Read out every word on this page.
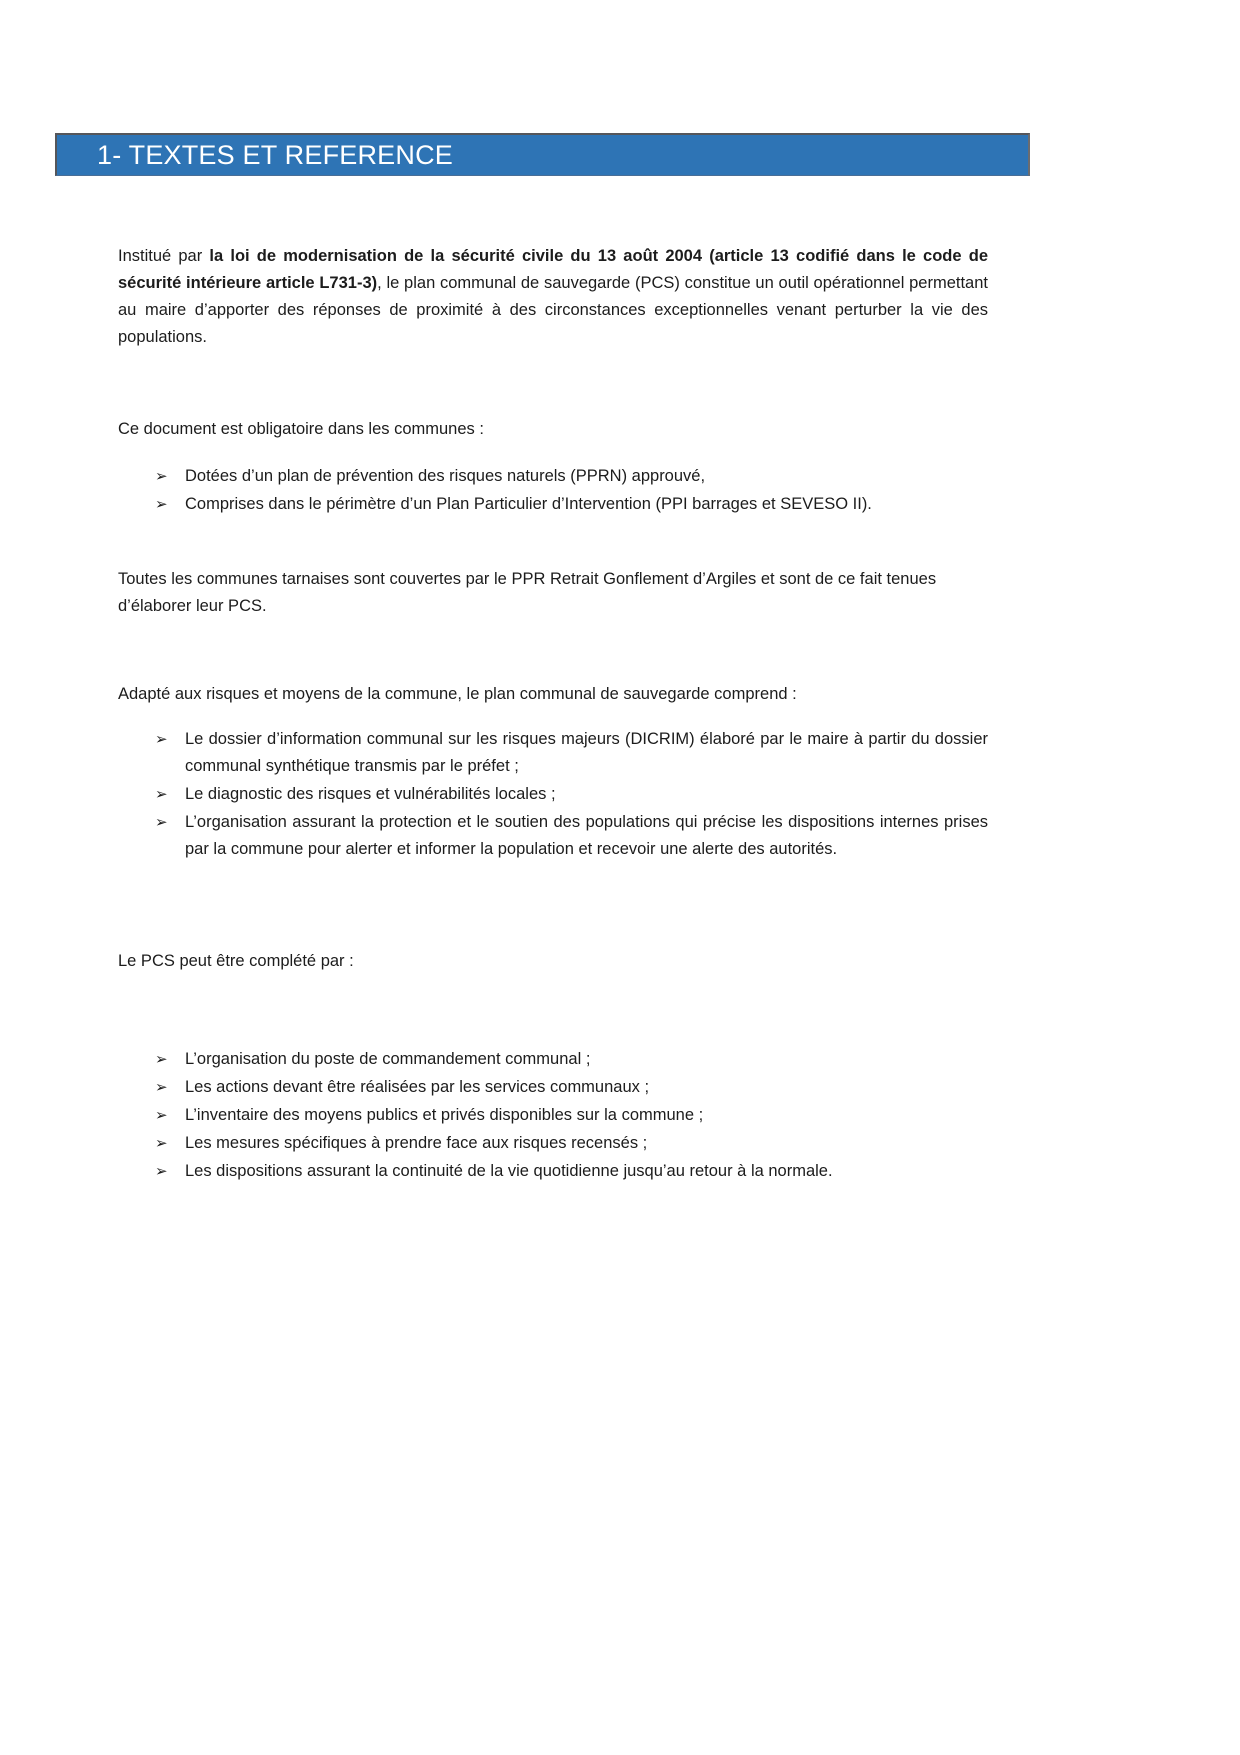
1- TEXTES ET REFERENCE

Institué par la loi de modernisation de la sécurité civile du 13 août 2004 (article 13 codifié dans le code de sécurité intérieure article L731-3), le plan communal de sauvegarde (PCS) constitue un outil opérationnel permettant au maire d’apporter des réponses de proximité à des circonstances exceptionnelles venant perturber la vie des populations.

Ce document est obligatoire dans les communes :

➢	Dotées d’un plan de prévention des risques naturels (PPRN) approuvé,
➢	Comprises dans le périmètre d’un Plan Particulier d’Intervention (PPI barrages et SEVESO II).

Toutes les communes tarnaises sont couvertes par le PPR Retrait Gonflement d’Argiles et sont de ce fait tenues d’élaborer leur PCS.

Adapté aux risques et moyens de la commune, le plan communal de sauvegarde comprend :

➢	Le dossier d’information communal sur les risques majeurs (DICRIM) élaboré par le maire à partir du dossier communal synthétique transmis par le préfet ;
➢	Le diagnostic des risques et vulnérabilités locales ;
➢	L’organisation assurant la protection et le soutien des populations qui précise les dispositions internes prises par la commune pour alerter et informer la population et recevoir une alerte des autorités.

Le PCS peut être complété par :

➢	L’organisation du poste de commandement communal ;
➢	Les actions devant être réalisées par les services communaux ;
➢	L’inventaire des moyens publics et privés disponibles sur la commune ;
➢	Les mesures spécifiques à prendre face aux risques recensés ;
➢	Les dispositions assurant la continuité de la vie quotidienne jusqu’au retour à la normale.
